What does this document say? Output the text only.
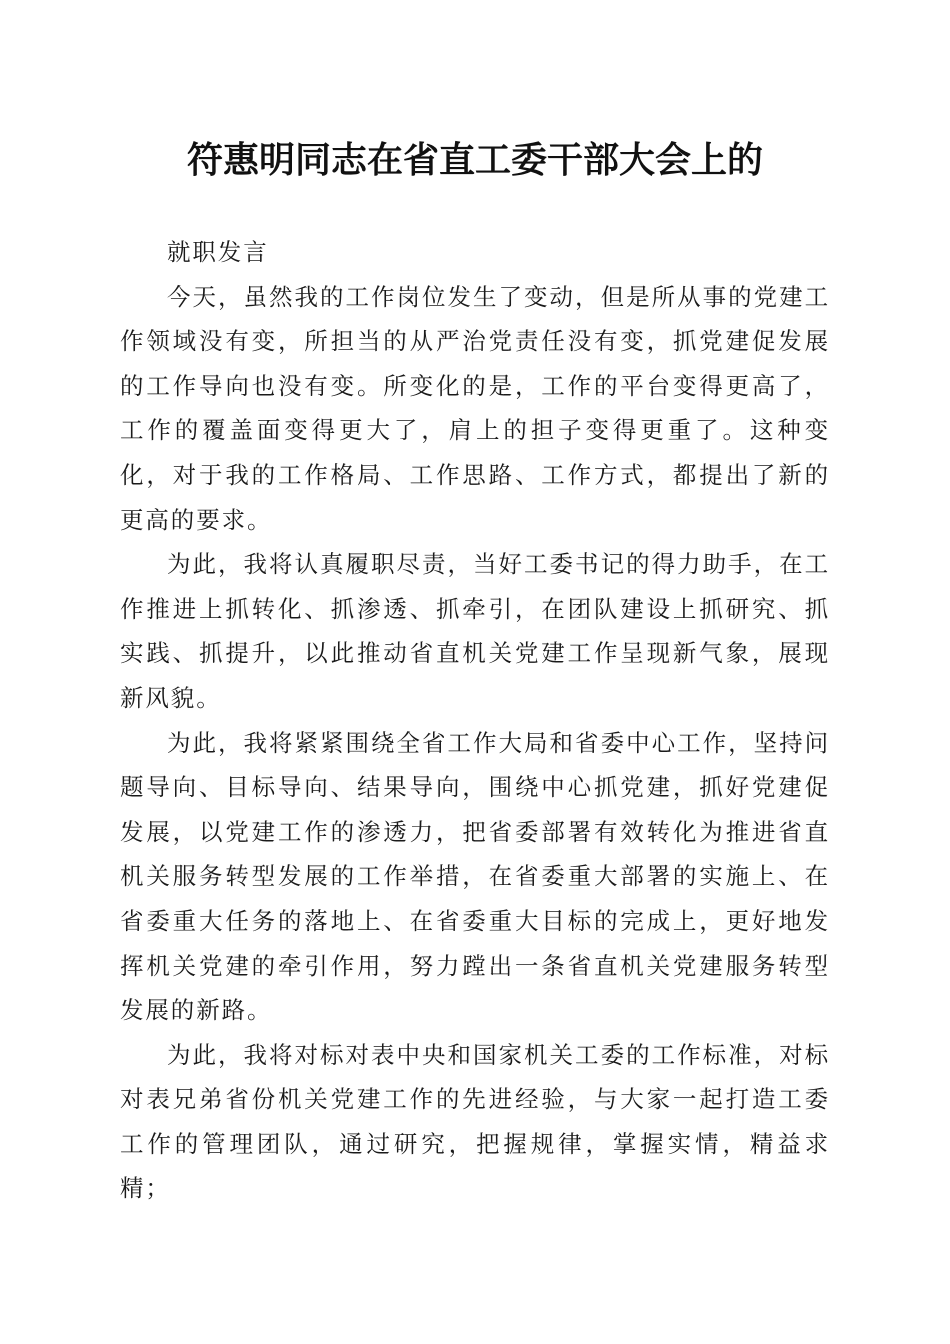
符惠明同志在省直工委干部大会上的

就职发言

今天，虽然我的工作岗位发生了变动，但是所从事的党建工作领域没有变，所担当的从严治党责任没有变，抓党建促发展的工作导向也没有变。所变化的是，工作的平台变得更高了，工作的覆盖面变得更大了，肩上的担子变得更重了。这种变化，对于我的工作格局、工作思路、工作方式，都提出了新的更高的要求。

为此，我将认真履职尽责，当好工委书记的得力助手，在工作推进上抓转化、抓渗透、抓牵引，在团队建设上抓研究、抓实践、抓提升，以此推动省直机关党建工作呈现新气象，展现新风貌。

为此，我将紧紧围绕全省工作大局和省委中心工作，坚持问题导向、目标导向、结果导向，围绕中心抓党建，抓好党建促发展，以党建工作的渗透力，把省委部署有效转化为推进省直机关服务转型发展的工作举措，在省委重大部署的实施上、在省委重大任务的落地上、在省委重大目标的完成上，更好地发挥机关党建的牵引作用，努力蹚出一条省直机关党建服务转型发展的新路。

为此，我将对标对表中央和国家机关工委的工作标准，对标对表兄弟省份机关党建工作的先进经验，与大家一起打造工委工作的管理团队，通过研究，把握规律，掌握实情，精益求精；
